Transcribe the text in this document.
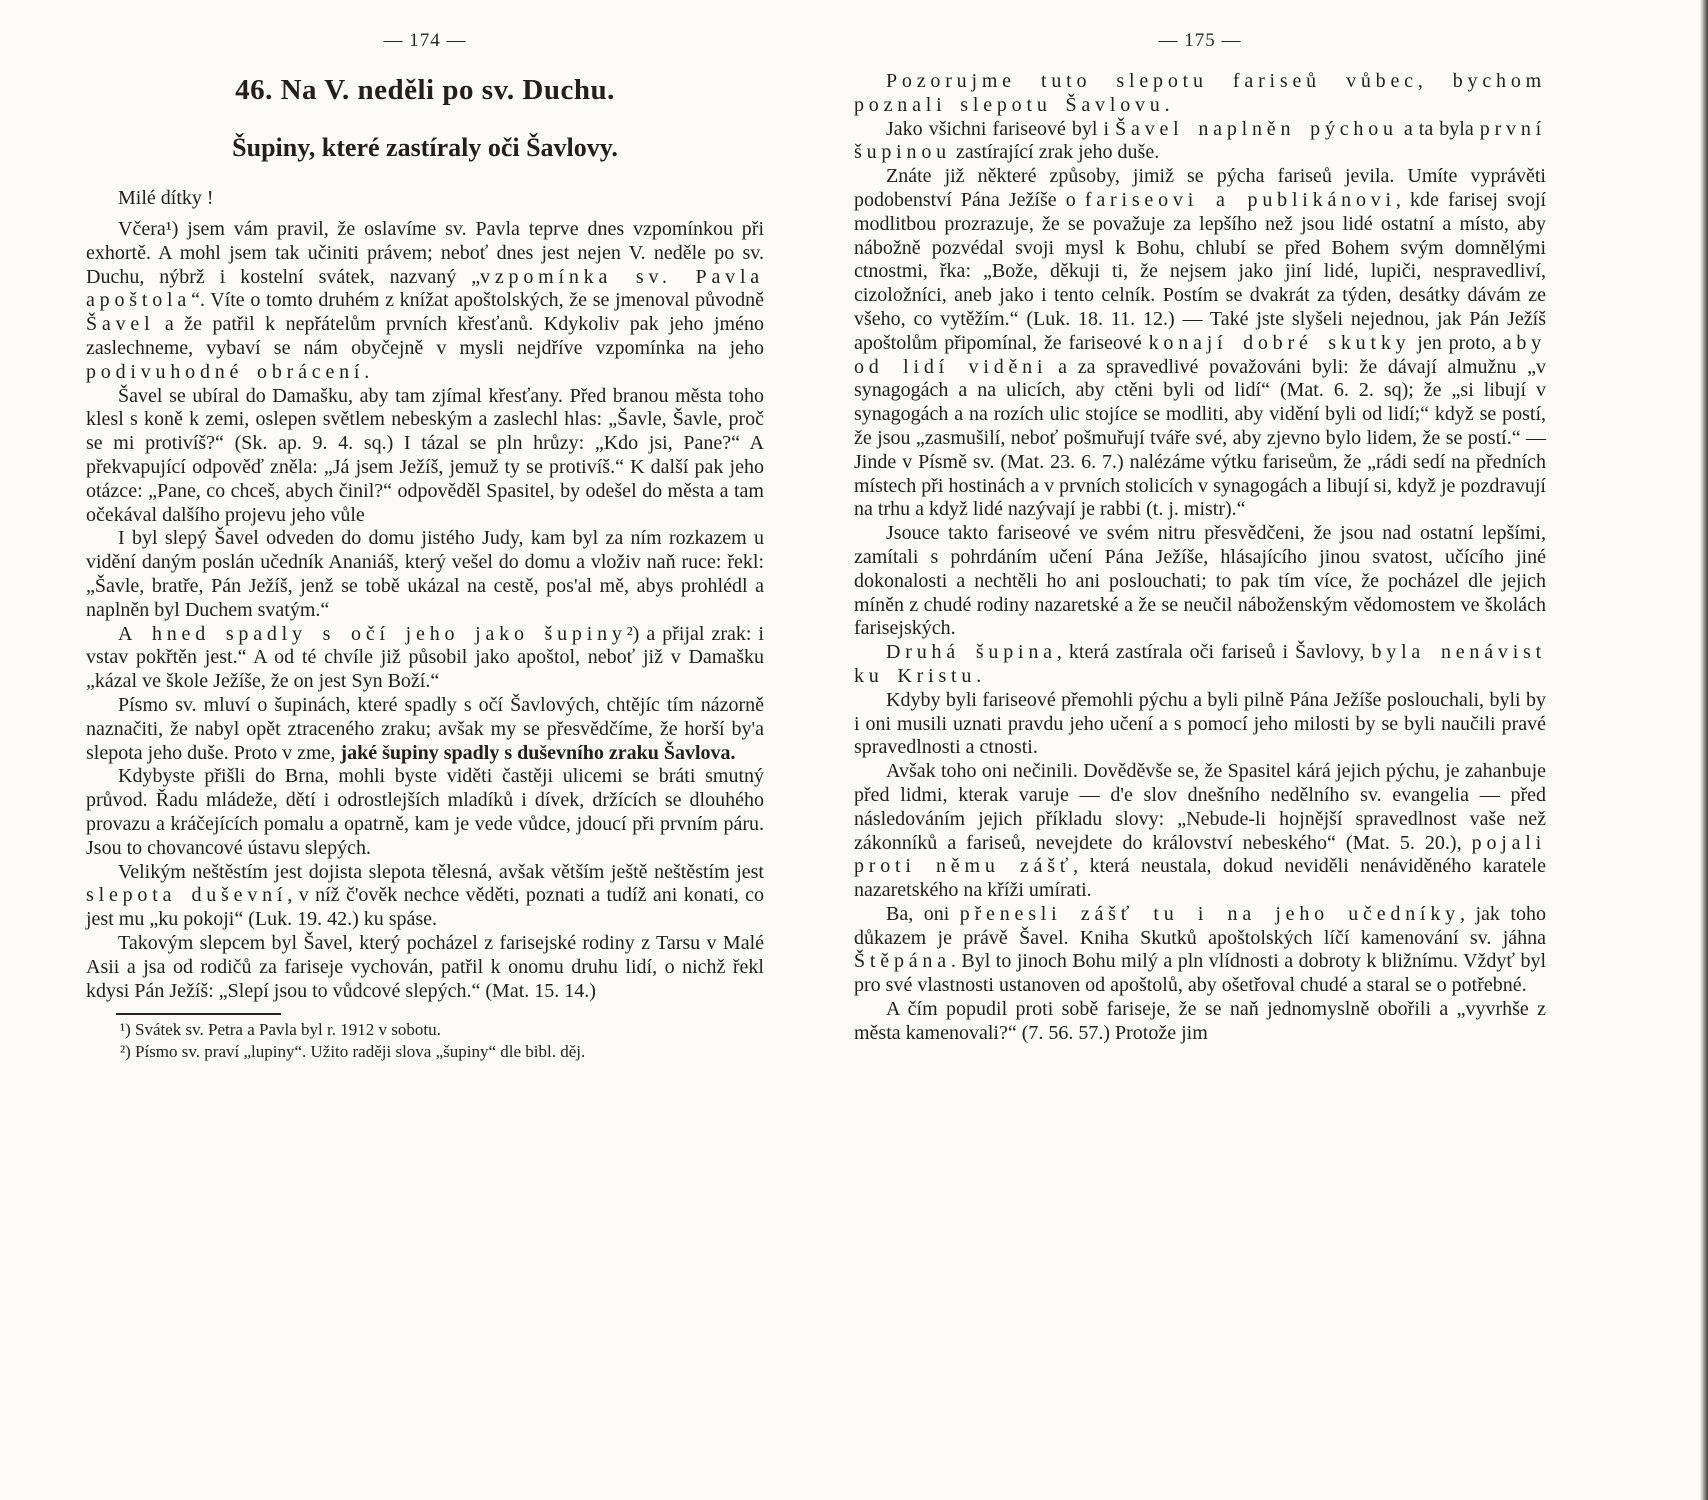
— 174 —
46. Na V. neděli po sv. Duchu.
Šupiny, které zastíraly oči Šavlovy.

Milé dítky !

Včera¹) jsem vám pravil, že oslavíme sv. Pavla teprve dnes vzpomínkou při exhortě. A mohl jsem tak učiniti právem; neboť dnes jest nejen V. neděle po sv. Duchu, nýbrž i kostelní svátek, nazvaný „vzpomínka sv. Pavla apoštola“. Víte o tomto druhém z knížat apoštolských, že se jmenoval původně Šavel a že patřil k nepřátelům prvních křesťanů. Kdykoliv pak jeho jméno zaslechneme, vybaví se nám obyčejně v mysli nejdříve vzpomínka na jeho podivuhodné obrácení.

Šavel se ubíral do Damašku, aby tam zjímal křesťany. Před branou města toho klesl s koně k zemi, oslepen světlem nebeským a zaslechl hlas: „Šavle, Šavle, proč se mi protivíš?“ (Sk. ap. 9. 4. sq.) I tázal se pln hrůzy: „Kdo jsi, Pane?“ A překvapující odpověď zněla: „Já jsem Ježíš, jemuž ty se protivíš.“ K další pak jeho otázce: „Pane, co chceš, abych činil?“ odpověděl Spasitel, by odešel do města a tam očekával dalšího projevu jeho vůle

I byl slepý Šavel odveden do domu jistého Judy, kam byl za ním rozkazem u vidění daným poslán učedník Ananiáš, který vešel do domu a vloživ naň ruce: řekl: „Šavle, bratře, Pán Ježíš, jenž se tobě ukázal na cestě, pos'al mě, abys prohlédl a naplněn byl Duchem svatým.“

A hned spadly s očí jeho jako šupiny²) a přijal zrak: i vstav pokřtěn jest.“ A od té chvíle již působil jako apoštol, neboť již v Damašku „kázal ve škole Ježíše, že on jest Syn Boží.“

Písmo sv. mluví o šupinách, které spadly s očí Šavlových, chtějíc tím názorně naznačiti, že nabyl opět ztraceného zraku; avšak my se přesvědčíme, že horší by'a slepota jeho duše. Proto v zme, jaké šupiny spadly s duševního zraku Šavlova.

Kdybyste přišli do Brna, mohli byste viděti častěji ulicemi se bráti smutný průvod. Řadu mládeže, dětí i odrostlejších mladíků i dívek, držících se dlouhého provazu a kráčejících pomalu a opatrně, kam je vede vůdce, jdoucí při prvním páru. Jsou to chovancové ústavu slepých.

Velikým neštěstím jest dojista slepota tělesná, avšak větším ještě neštěstím jest slepota duševní, v níž č'ověk nechce věděti, poznati a tudíž ani konati, co jest mu „ku pokoji“ (Luk. 19. 42.) ku spáse.

Takovým slepcem byl Šavel, který pocházel z farisejské rodiny z Tarsu v Malé Asii a jsa od rodičů za fariseje vychován, patřil k onomu druhu lidí, o nichž řekl kdysi Pán Ježíš: „Slepí jsou to vůdcové slepých.“ (Mat. 15. 14.)

¹) Svátek sv. Petra a Pavla byl r. 1912 v sobotu.

²) Písmo sv. praví „lupiny“. Užito raději slova „šupiny“ dle bibl. děj.

— 175 —

Pozorujme tuto slepotu fariseů vůbec, bychom poznali slepotu Šavlovu.

Jako všichni fariseové byl i Šavel naplněn pýchou a ta byla první šupinou zastírající zrak jeho duše.

Znáte již některé způsoby, jimiž se pýcha fariseů jevila. Umíte vyprávěti podobenství Pána Ježíše o fariseovi a publikánovi, kde farisej svojí modlitbou prozrazuje, že se považuje za lepšího než jsou lidé ostatní a místo, aby nábožně pozvédal svoji mysl k Bohu, chlubí se před Bohem svým domnělými ctnostmi, řka: „Bože, děkuji ti, že nejsem jako jiní lidé, lupiči, nespravedliví, cizoložníci, aneb jako i tento celník. Postím se dvakrát za týden, desátky dávám ze všeho, co vytěžím.“ (Luk. 18. 11. 12.) — Také jste slyšeli nejednou, jak Pán Ježíš apoštolům připomínal, že fariseové konají dobré skutky jen proto, aby od lidí viděni a za spravedlivé považováni byli: že dávají almužnu „v synagogách a na ulicích, aby ctěni byli od lidí“ (Mat. 6. 2. sq); že „si libují v synagogách a na rozích ulic stojíce se modliti, aby vidění byli od lidí;“ když se postí, že jsou „zasmušilí, neboť pošmuřují tváře své, aby zjevno bylo lidem, že se postí.“ — Jinde v Písmě sv. (Mat. 23. 6. 7.) nalézáme výtku fariseům, že „rádi sedí na předních místech při hostinách a v prvních stolicích v synagogách a libují si, když je pozdravují na trhu a když lidé nazývají je rabbi (t. j. mistr).“

Jsouce takto fariseové ve svém nitru přesvědčeni, že jsou nad ostatní lepšími, zamítali s pohrdáním učení Pána Ježíše, hlásajícího jinou svatost, učícího jiné dokonalosti a nechtěli ho ani poslouchati; to pak tím více, že pocházel dle jejich míněn z chudé rodiny nazaretské a že se neučil náboženským vědomostem ve školách farisejských.

Druhá šupina, která zastírala oči fariseů i Šavlovy, byla nenávist ku Kristu.

Kdyby byli fariseové přemohli pýchu a byli pilně Pána Ježíše poslouchali, byli by i oni musili uznati pravdu jeho učení a s pomocí jeho milosti by se byli naučili pravé spravedlnosti a ctnosti.

Avšak toho oni nečinili. Dověděvše se, že Spasitel kárá jejich pýchu, je zahanbuje před lidmi, kterak varuje — d'e slov dnešního nedělního sv. evangelia — před následováním jejich příkladu slovy: „Nebude-li hojnější spravedlnost vaše než zákonníků a fariseů, nevejdete do království nebeského“ (Mat. 5. 20.), pojali proti němu zášť, která neustala, dokud neviděli nenáviděného karatele nazaretského na kříži umírati.

Ba, oni přenesli zášť tu i na jeho učedníky, jak toho důkazem je právě Šavel. Kniha Skutků apoštolských líčí kamenování sv. jáhna Štěpána. Byl to jinoch Bohu milý a pln vlídnosti a dobroty k bližnímu. Vždyť byl pro své vlastnosti ustanoven od apoštolů, aby ošetřoval chudé a staral se o potřebné.

A čím popudil proti sobě fariseje, že se naň jednomyslně obořili a „vyvrhše z města kamenovali?“ (7. 56. 57.) Protože jim
